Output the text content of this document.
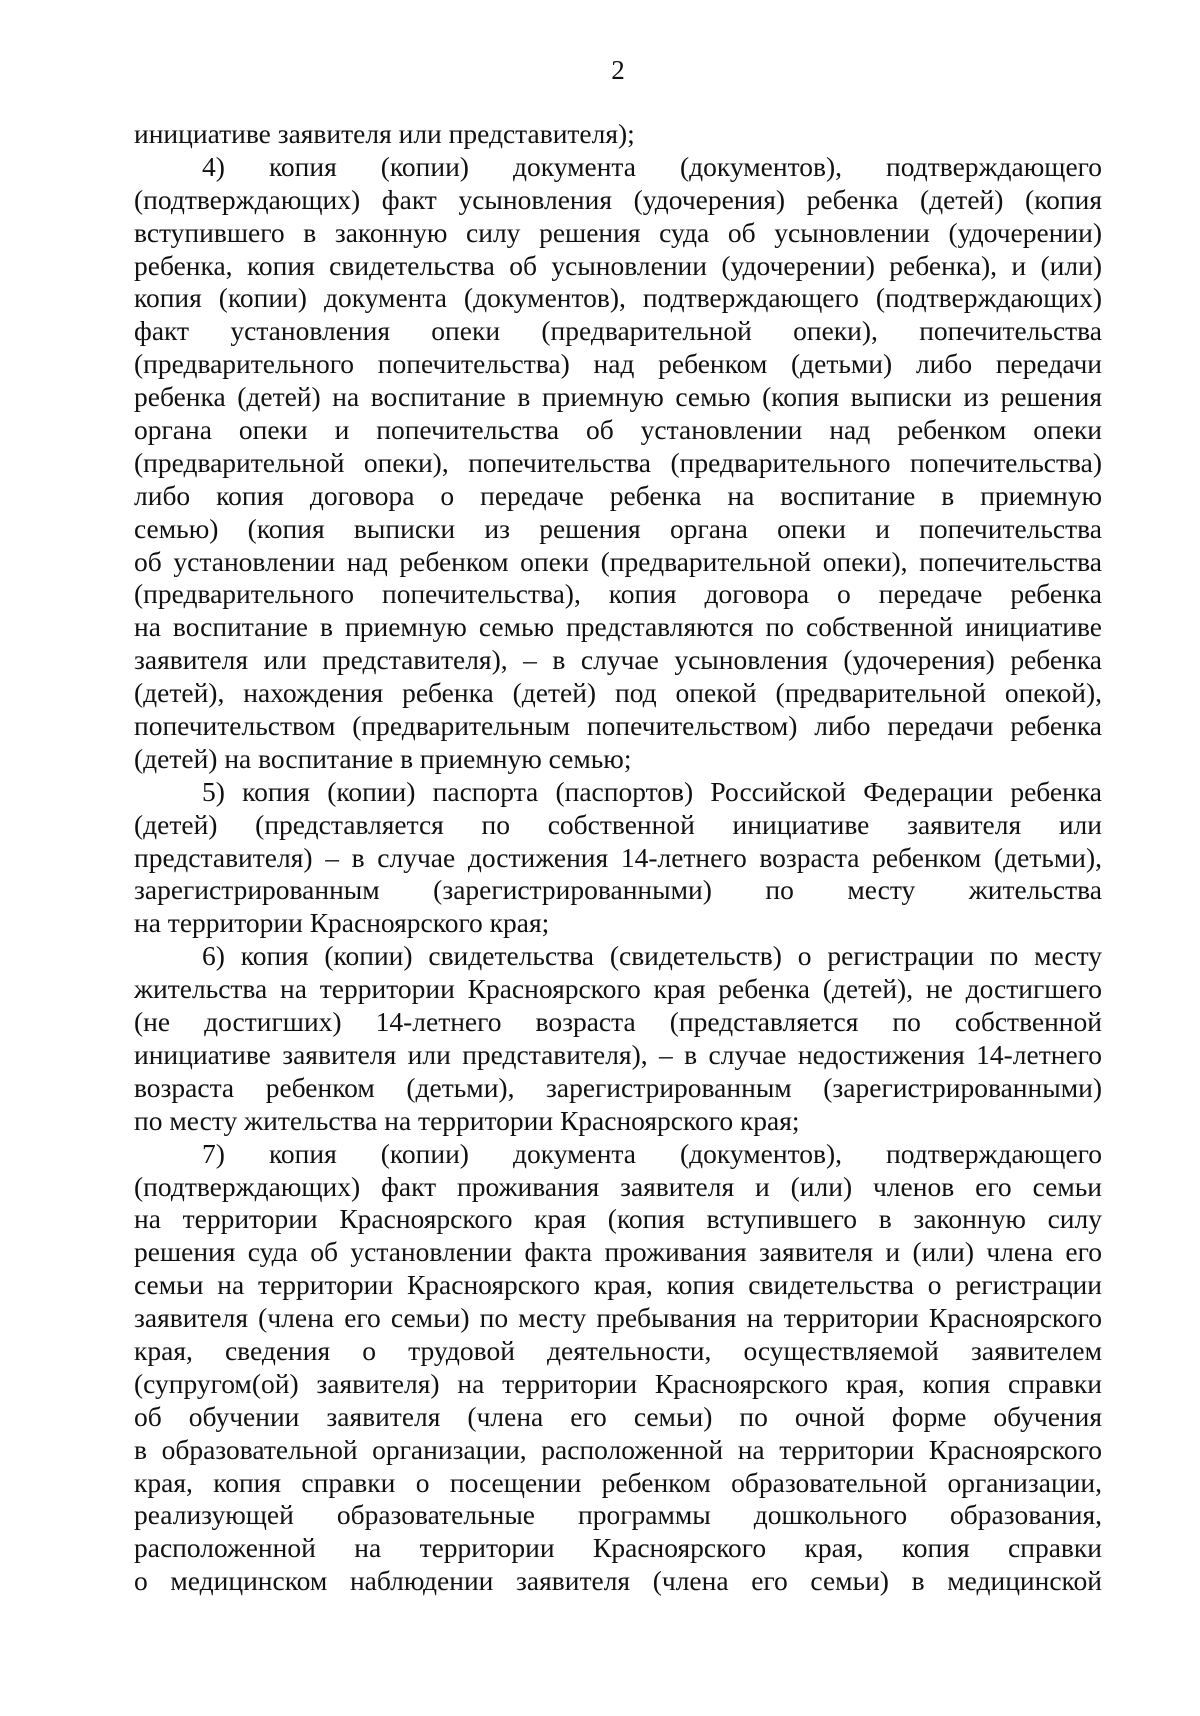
2
инициативе заявителя или представителя);
4) копия (копии) документа (документов), подтверждающего
(подтверждающих) факт усыновления (удочерения) ребенка (детей) (копия
вступившего в законную силу решения суда об усыновлении (удочерении)
ребенка, копия свидетельства об усыновлении (удочерении) ребенка), и (или)
копия (копии) документа (документов), подтверждающего (подтверждающих)
факт установления опеки (предварительной опеки), попечительства
(предварительного попечительства) над ребенком (детьми) либо передачи
ребенка (детей) на воспитание в приемную семью (копия выписки из решения
органа опеки и попечительства об установлении над ребенком опеки
(предварительной опеки), попечительства (предварительного попечительства)
либо копия договора о передаче ребенка на воспитание в приемную
семью) (копия выписки из решения органа опеки и попечительства
об установлении над ребенком опеки (предварительной опеки), попечительства
(предварительного попечительства), копия договора о передаче ребенка
на воспитание в приемную семью представляются по собственной инициативе
заявителя или представителя), – в случае усыновления (удочерения) ребенка
(детей), нахождения ребенка (детей) под опекой (предварительной опекой),
попечительством (предварительным попечительством) либо передачи ребенка
(детей) на воспитание в приемную семью;
5) копия (копии) паспорта (паспортов) Российской Федерации ребенка
(детей) (представляется по собственной инициативе заявителя или
представителя) – в случае достижения 14-летнего возраста ребенком (детьми),
зарегистрированным (зарегистрированными) по месту жительства
на территории Красноярского края;
6) копия (копии) свидетельства (свидетельств) о регистрации по месту
жительства на территории Красноярского края ребенка (детей), не достигшего
(не достигших) 14-летнего возраста (представляется по собственной
инициативе заявителя или представителя), – в случае недостижения 14-летнего
возраста ребенком (детьми), зарегистрированным (зарегистрированными)
по месту жительства на территории Красноярского края;
7) копия (копии) документа (документов), подтверждающего
(подтверждающих) факт проживания заявителя и (или) членов его семьи
на территории Красноярского края (копия вступившего в законную силу
решения суда об установлении факта проживания заявителя и (или) члена его
семьи на территории Красноярского края, копия свидетельства о регистрации
заявителя (члена его семьи) по месту пребывания на территории Красноярского
края, сведения о трудовой деятельности, осуществляемой заявителем
(супругом(ой) заявителя) на территории Красноярского края, копия справки
об обучении заявителя (члена его семьи) по очной форме обучения
в образовательной организации, расположенной на территории Красноярского
края, копия справки о посещении ребенком образовательной организации,
реализующей образовательные программы дошкольного образования,
расположенной на территории Красноярского края, копия справки
о медицинском наблюдении заявителя (члена его семьи) в медицинской
